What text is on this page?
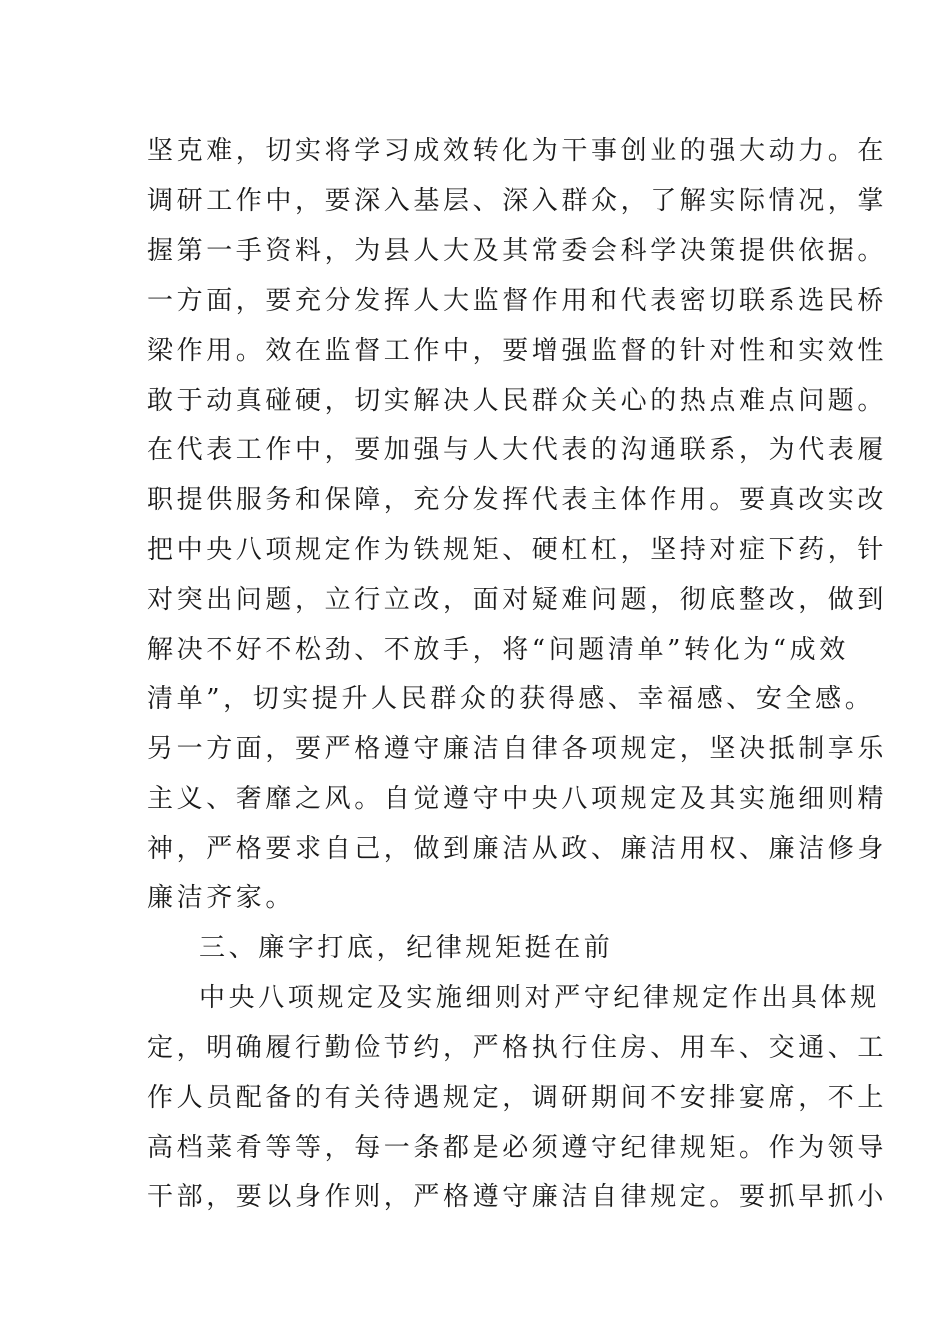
坚克难，切实将学习成效转化为干事创业的强大动力。在
调研工作中，要深入基层、深入群众，了解实际情况，掌
握第一手资料，为县人大及其常委会科学决策提供依据。
一方面，要充分发挥人大监督作用和代表密切联系选民桥
梁作用。效在监督工作中，要增强监督的针对性和实效性
敢于动真碰硬，切实解决人民群众关心的热点难点问题。
在代表工作中，要加强与人大代表的沟通联系，为代表履
职提供服务和保障，充分发挥代表主体作用。要真改实改
把中央八项规定作为铁规矩、硬杠杠，坚持对症下药，针
对突出问题，立行立改，面对疑难问题，彻底整改，做到
解决不好不松劲、不放手，将“问题清单”转化为“成效
清单”，切实提升人民群众的获得感、幸福感、安全感。
另一方面，要严格遵守廉洁自律各项规定，坚决抵制享乐
主义、奢靡之风。自觉遵守中央八项规定及其实施细则精
神，严格要求自己，做到廉洁从政、廉洁用权、廉洁修身
廉洁齐家。
三、廉字打底，纪律规矩挺在前
中央八项规定及实施细则对严守纪律规定作出具体规
定，明确履行勤俭节约，严格执行住房、用车、交通、工
作人员配备的有关待遇规定，调研期间不安排宴席，不上
高档菜肴等等，每一条都是必须遵守纪律规矩。作为领导
干部，要以身作则，严格遵守廉洁自律规定。要抓早抓小
